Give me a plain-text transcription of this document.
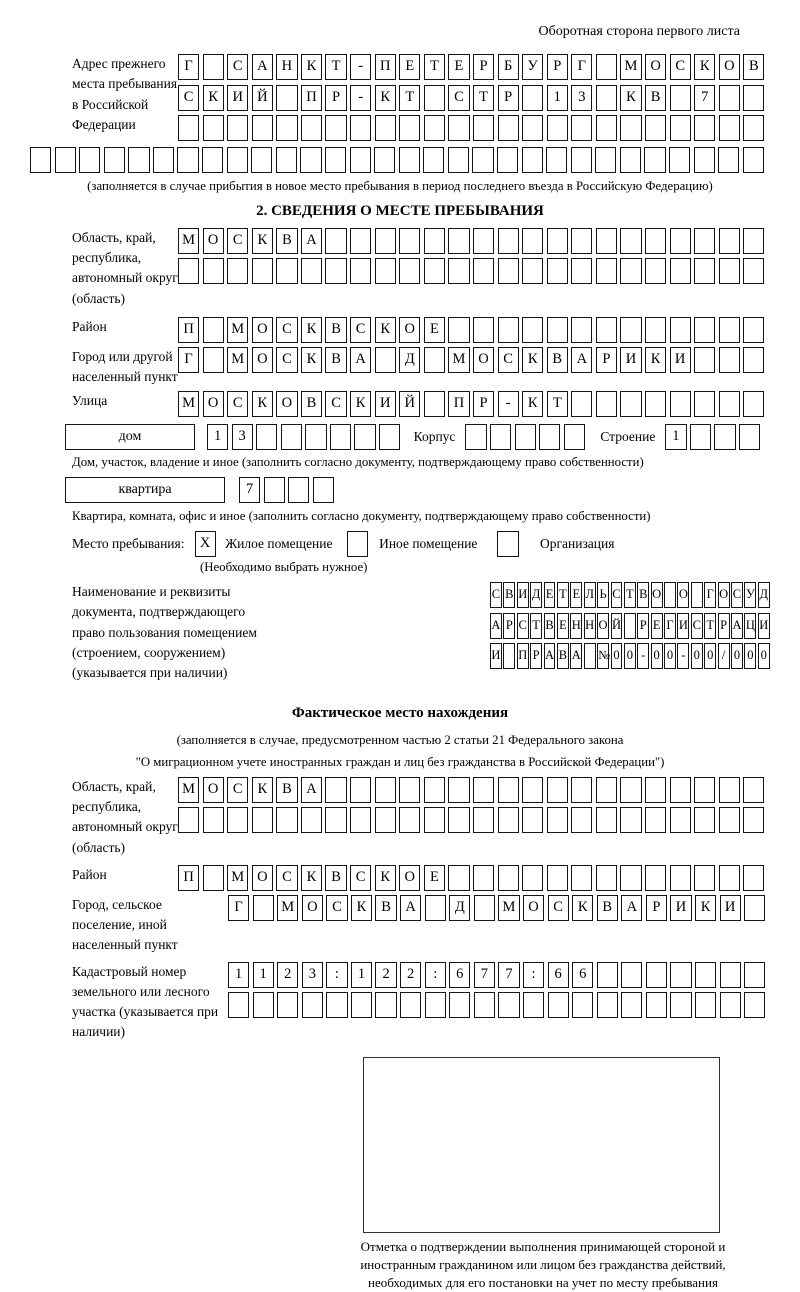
Оборотная сторона первого листа
Адрес прежнего места пребывания в Российской Федерации
Г	С А Н К Т - П Е Т Е Р Б У Р Г	М О С К О В
С К И Й	П Р - К Т	С Т Р	1 3	К В	7

(заполняется в случае прибытия в новое место пребывания в период последнего въезда в Российскую Федерацию)
2. СВЕДЕНИЯ О МЕСТЕ ПРЕБЫВАНИЯ
Область, край, республика, автономный округ (область)
М О С К В А

Район	П	М О С К В С К О Е
Город или другой населенный пункт
Г	М О С К В А	Д	М О С К В А Р И К И
Улица	М О С К О В С К И Й	П Р - К Т
дом	1 3	Корпус	Строение 1
Дом, участок, владение и иное (заполнить согласно документу, подтверждающему право собственности)
квартира	7
Квартира, комната, офис и иное (заполнить согласно документу, подтверждающему право собственности)
Место пребывания:	X	Жилое помещение
	Иное помещение
	Организация
(Необходимо выбрать нужное)
Наименование и реквизиты документа, подтверждающего право пользования помещением (строением, сооружением) (указывается при наличии)
С В И Д Е Т Е Л Ь С Т В О О Г О С У Д
А Р С Т В Е Н Н О Й Р Е Г И С Т Р А Ц И
И П Р А В А № 0 0 - 0 0 - 0 0 / 0 0 0
Фактическое место нахождения
(заполняется в случае, предусмотренном частью 2 статьи 21 Федерального закона
"О миграционном учете иностранных граждан и лиц без гражданства в Российской Федерации")
Область, край, республика, автономный округ (область)
М О С К В А

Район	П	М О С К В С К О Е
Город, сельское поселение, иной населенный пункт
Г	М О С К В А	Д	М О С К В А Р И К И
Кадастровый номер земельного или лесного участка (указывается при наличии)
1 1 2 3 : 1 2 2 : 6 7 7 : 6 6

Отметка о подтверждении выполнения принимающей стороной и иностранным гражданином или лицом без гражданства действий, необходимых для его постановки на учет по месту пребывания
